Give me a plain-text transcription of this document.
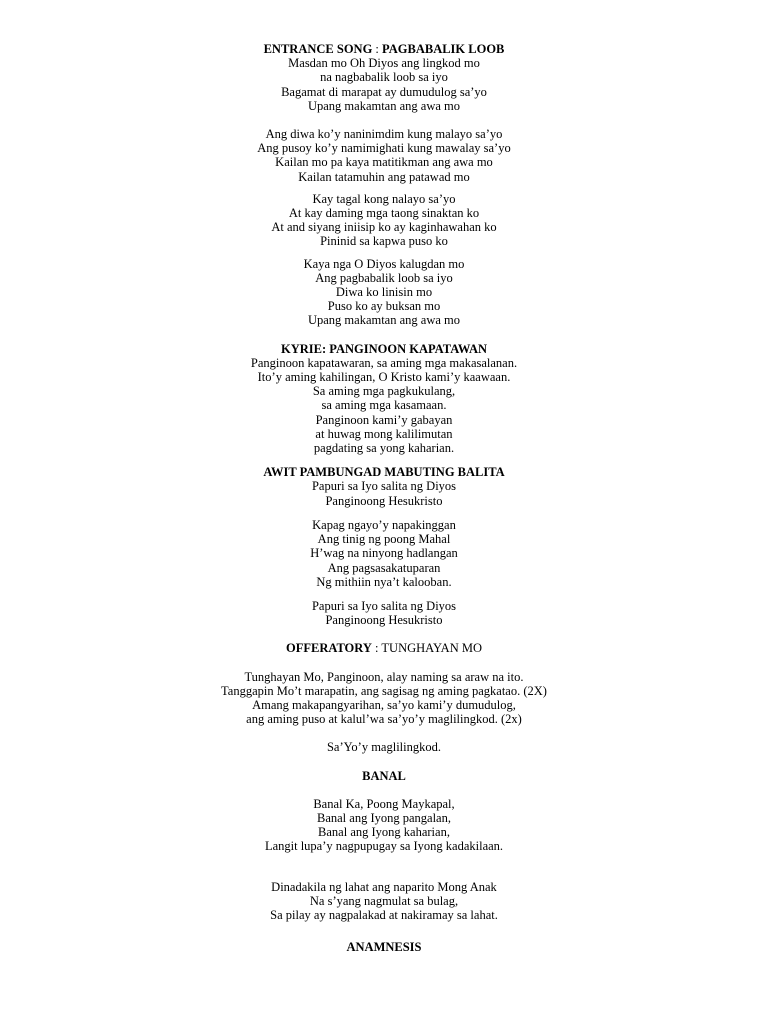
ENTRANCE SONG : PAGBABALIK LOOB
Masdan mo Oh Diyos ang lingkod mo
na nagbabalik loob sa iyo
Bagamat di marapat ay dumudulog sa’yo
Upang makamtan ang awa mo
Ang diwa ko’y naninimdim kung malayo sa’yo
Ang pusoy ko’y namimighati kung mawalay sa’yo
Kailan mo pa kaya matitikman ang awa mo
Kailan tatamuhin ang patawad mo
Kay tagal kong nalayo sa’yo
At kay daming mga taong sinaktan ko
At and siyang iniisip ko ay kaginhawahan ko
Pininid sa kapwa puso ko
Kaya nga O Diyos kalugdan mo
Ang pagbabalik loob sa iyo
Diwa ko linisin mo
Puso ko ay buksan mo
Upang makamtan ang awa mo
KYRIE: PANGINOON KAPATAWAN
Panginoon kapatawaran, sa aming mga makasalanan.
Ito’y aming kahilingan, O Kristo kami’y kaawaan.
Sa aming mga pagkukulang,
sa aming mga kasamaan.
Panginoon kami’y gabayan
at huwag mong kalilimutan
pagdating sa yong kaharian.
AWIT PAMBUNGAD MABUTING BALITA
Papuri sa Iyo salita ng Diyos
Panginoong Hesukristo
Kapag ngayo’y napakinggan
Ang tinig ng poong Mahal
H’wag na ninyong hadlangan
Ang pagsasakatuparan
Ng mithiin nya’t kalooban.
Papuri sa Iyo salita ng Diyos
Panginoong Hesukristo
OFFERATORY : TUNGHAYAN MO
Tunghayan Mo, Panginoon, alay naming sa araw na ito.
Tanggapin Mo’t marapatin, ang sagisag ng aming pagkatao. (2X)
Amang makapangyarihan, sa’yo kami’y dumudulog,
ang aming puso at kalul’wa sa’yo’y maglilingkod. (2x)
Sa’Yo’y maglilingkod.
BANAL
Banal Ka, Poong Maykapal,
Banal ang Iyong pangalan,
Banal ang Iyong kaharian,
Langit lupa’y nagpupugay sa Iyong kadakilaan.
Dinadakila ng lahat ang naparito Mong Anak
Na s’yang nagmulat sa bulag,
Sa pilay ay nagpalakad at nakiramay sa lahat.
ANAMNESIS
